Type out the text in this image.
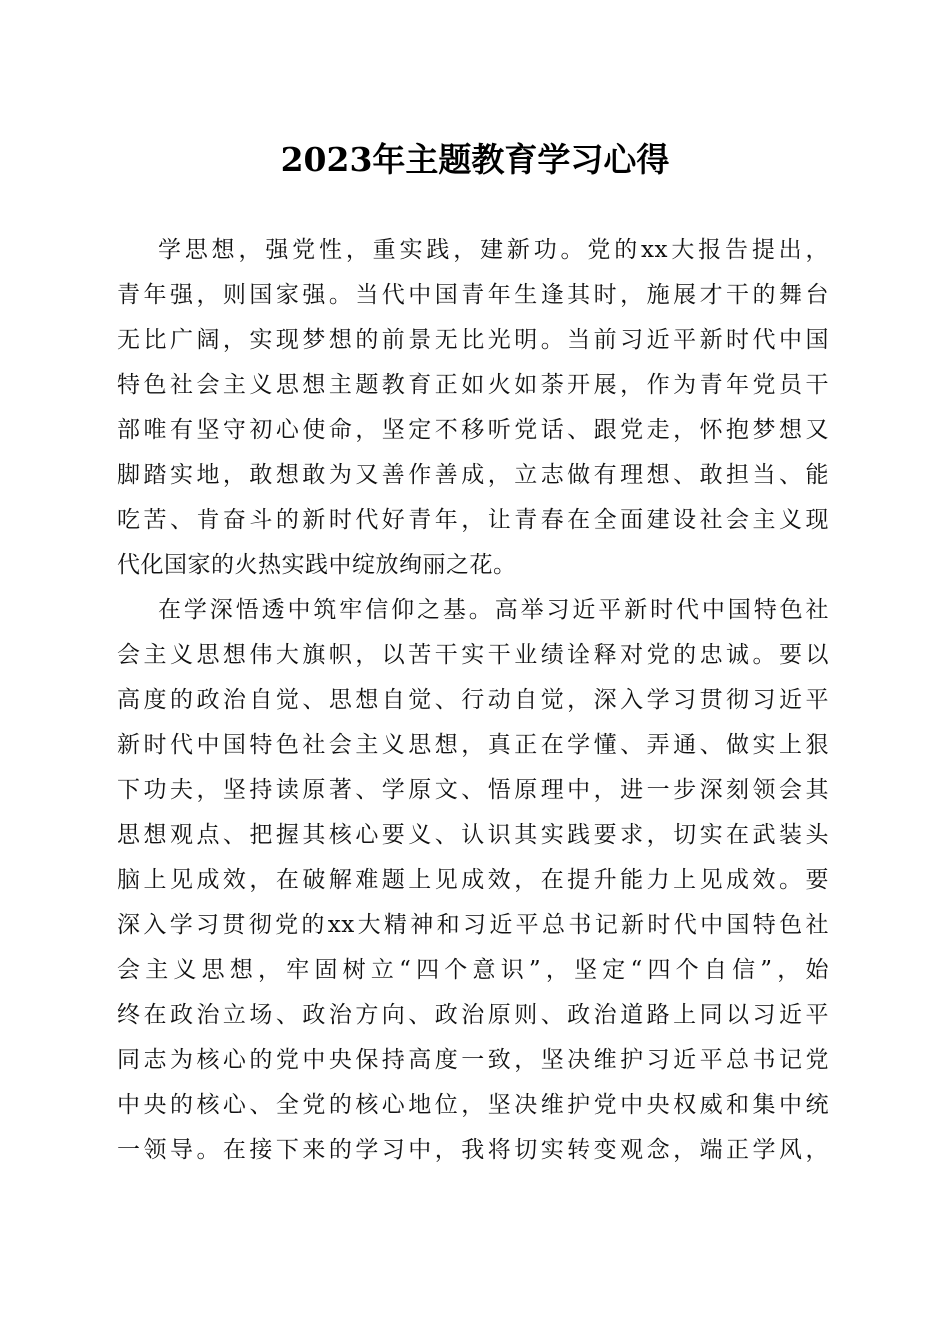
2023年主题教育学习心得
学思想，强党性，重实践，建新功。党的xx大报告提出，
青年强，则国家强。当代中国青年生逢其时，施展才干的舞台
无比广阔，实现梦想的前景无比光明。当前习近平新时代中国
特色社会主义思想主题教育正如火如荼开展，作为青年党员干
部唯有坚守初心使命，坚定不移听党话、跟党走，怀抱梦想又
脚踏实地，敢想敢为又善作善成，立志做有理想、敢担当、能
吃苦、肯奋斗的新时代好青年，让青春在全面建设社会主义现
代化国家的火热实践中绽放绚丽之花。
在学深悟透中筑牢信仰之基。高举习近平新时代中国特色社
会主义思想伟大旗帜，以苦干实干业绩诠释对党的忠诚。要以
高度的政治自觉、思想自觉、行动自觉，深入学习贯彻习近平
新时代中国特色社会主义思想，真正在学懂、弄通、做实上狠
下功夫，坚持读原著、学原文、悟原理中，进一步深刻领会其
思想观点、把握其核心要义、认识其实践要求，切实在武装头
脑上见成效，在破解难题上见成效，在提升能力上见成效。要
深入学习贯彻党的xx大精神和习近平总书记新时代中国特色社
会主义思想，牢固树立“四个意识”，坚定“四个自信”，始
终在政治立场、政治方向、政治原则、政治道路上同以习近平
同志为核心的党中央保持高度一致，坚决维护习近平总书记党
中央的核心、全党的核心地位，坚决维护党中央权威和集中统
一领导。在接下来的学习中，我将切实转变观念，端正学风，
